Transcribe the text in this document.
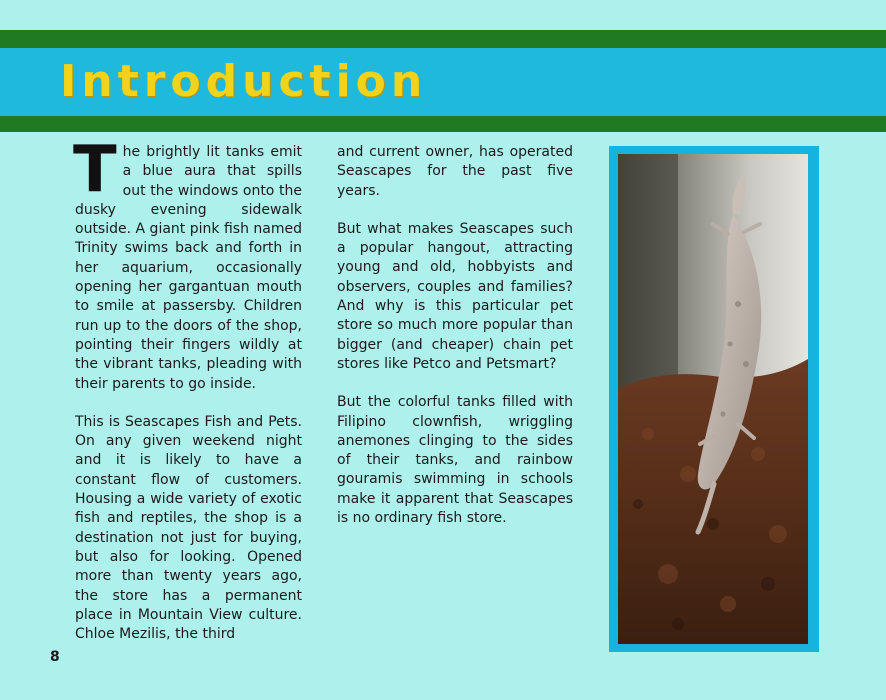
Introduction

The brightly lit tanks emit a blue aura that spills out the windows onto the dusky evening sidewalk outside. A giant pink fish named Trinity swims back and forth in her aquarium, occasionally opening her gargantuan mouth to smile at passersby. Children run up to the doors of the shop, pointing their fingers wildly at the vibrant tanks, pleading with their parents to go inside.

This is Seascapes Fish and Pets. On any given weekend night and it is likely to have a constant flow of customers. Housing a wide variety of exotic fish and reptiles, the shop is a destination not just for buying, but also for looking. Opened more than twenty years ago, the store has a permanent place in Mountain View culture. Chloe Mezilis, the third

and current owner, has operated Seascapes for the past five years.

But what makes Seascapes such a popular hangout, attracting young and old, hobbyists and observers, couples and families? And why is this particular pet store so much more popular than bigger (and cheaper) chain pet stores like Petco and Petsmart?

But the colorful tanks filled with Filipino clownfish, wriggling anemones clinging to the sides of their tanks, and rainbow gouramis swimming in schools make it apparent that Seascapes is no ordinary fish store.

8
